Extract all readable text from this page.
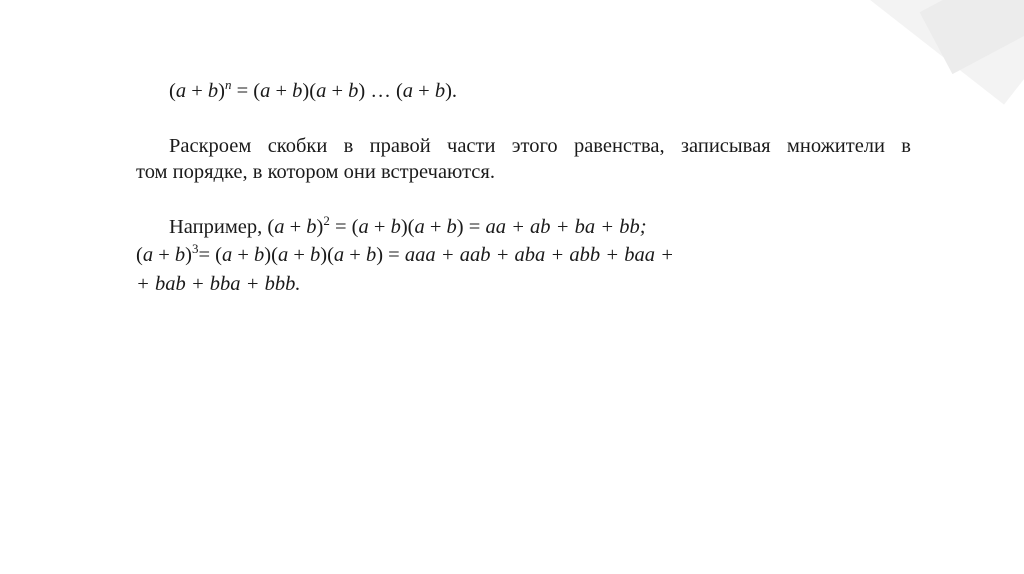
$(a + b)^n = (a + b)(a + b)$ … (a + b).
Раскроем скобки в правой части этого равенства, записывая множители в
том порядке, в котором они встречаются.
Например, $(a + b)^2 = (a + b)(a + b)$ = aa + ab + ba + bb;
$(a + b)^3= (a + b)(a + b)(a + b)$ = aaa + aab + aba + abb + baa +
+ bab + bba + bbb.
